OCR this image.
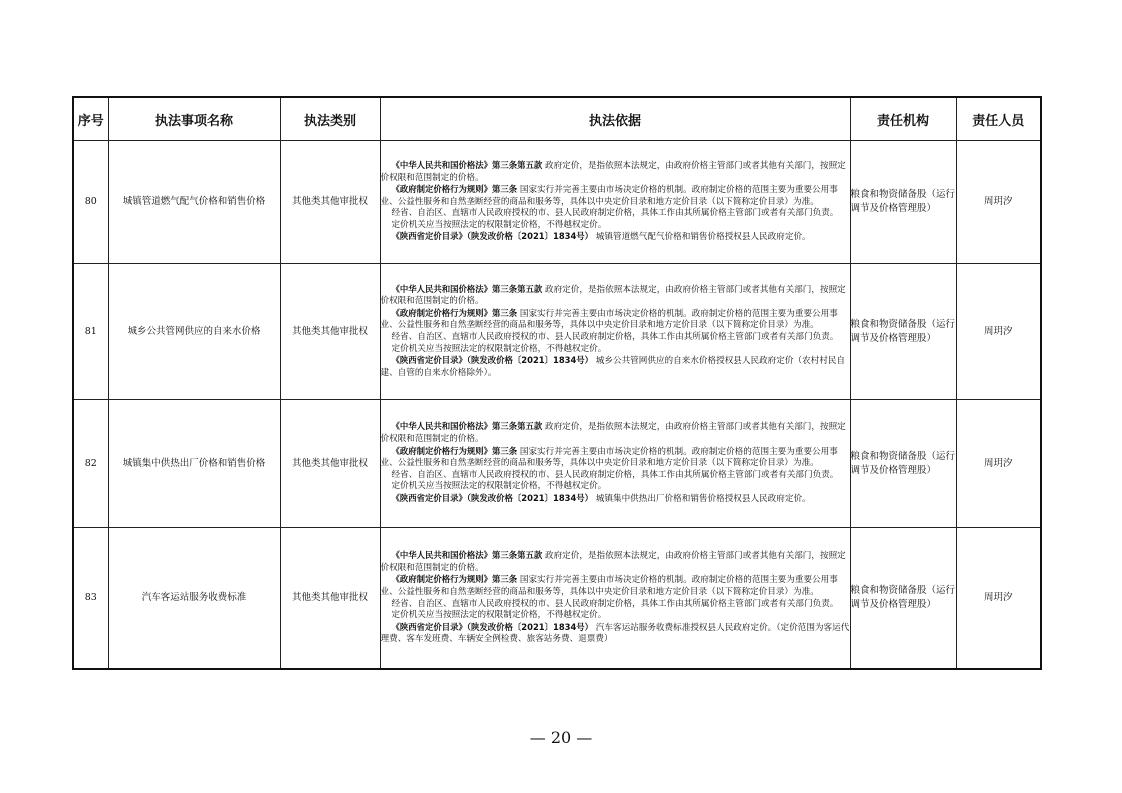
序号	执法事项名称	执法类别	执法依据	责任机构	责任人员
80	城镇管道燃气配气价格和销售价格	其他类其他审批权	《中华人民共和国价格法》第三条第五款 政府定价，是指依照本法规定，由政府价格主管部门或者其他有关部门，按照定价权限和范围制定的价格。

《政府制定价格行为规则》第三条 国家实行并完善主要由市场决定价格的机制。政府制定价格的范围主要为重要公用事业、公益性服务和自然垄断经营的商品和服务等，具体以中央定价目录和地方定价目录（以下简称定价目录）为准。

经省、自治区、直辖市人民政府授权的市、县人民政府制定价格，具体工作由其所属价格主管部门或者有关部门负责。

定价机关应当按照法定的权限制定价格，不得越权定价。

《陕西省定价目录》（陕发改价格〔2021〕1834号） 城镇管道燃气配气价格和销售价格授权县人民政府定价。	粮食和物资储备股（运行调节及价格管理股）	周玥汐
81	城乡公共管网供应的自来水价格	其他类其他审批权	《中华人民共和国价格法》第三条第五款 政府定价，是指依照本法规定，由政府价格主管部门或者其他有关部门，按照定价权限和范围制定的价格。

《政府制定价格行为规则》第三条 国家实行并完善主要由市场决定价格的机制。政府制定价格的范围主要为重要公用事业、公益性服务和自然垄断经营的商品和服务等，具体以中央定价目录和地方定价目录（以下简称定价目录）为准。

经省、自治区、直辖市人民政府授权的市、县人民政府制定价格，具体工作由其所属价格主管部门或者有关部门负责。

定价机关应当按照法定的权限制定价格，不得越权定价。

《陕西省定价目录》（陕发改价格〔2021〕1834号） 城乡公共管网供应的自来水价格授权县人民政府定价（农村村民自建、自管的自来水价格除外）。	粮食和物资储备股（运行调节及价格管理股）	周玥汐
82	城镇集中供热出厂价格和销售价格	其他类其他审批权	《中华人民共和国价格法》第三条第五款 政府定价，是指依照本法规定，由政府价格主管部门或者其他有关部门，按照定价权限和范围制定的价格。

《政府制定价格行为规则》第三条 国家实行并完善主要由市场决定价格的机制。政府制定价格的范围主要为重要公用事业、公益性服务和自然垄断经营的商品和服务等，具体以中央定价目录和地方定价目录（以下简称定价目录）为准。

经省、自治区、直辖市人民政府授权的市、县人民政府制定价格，具体工作由其所属价格主管部门或者有关部门负责。

定价机关应当按照法定的权限制定价格，不得越权定价。

《陕西省定价目录》（陕发改价格〔2021〕1834号） 城镇集中供热出厂价格和销售价格授权县人民政府定价。	粮食和物资储备股（运行调节及价格管理股）	周玥汐
83	汽车客运站服务收费标准	其他类其他审批权	《中华人民共和国价格法》第三条第五款 政府定价，是指依照本法规定，由政府价格主管部门或者其他有关部门，按照定价权限和范围制定的价格。

《政府制定价格行为规则》第三条 国家实行并完善主要由市场决定价格的机制。政府制定价格的范围主要为重要公用事业、公益性服务和自然垄断经营的商品和服务等，具体以中央定价目录和地方定价目录（以下简称定价目录）为准。

经省、自治区、直辖市人民政府授权的市、县人民政府制定价格，具体工作由其所属价格主管部门或者有关部门负责。

定价机关应当按照法定的权限制定价格，不得越权定价。

《陕西省定价目录》（陕发改价格〔2021〕1834号） 汽车客运站服务收费标准授权县人民政府定价。（定价范围为客运代理费、客车发班费、车辆安全例检费、旅客站务费、退票费）	粮食和物资储备股（运行调节及价格管理股）	周玥汐
— 20 —
